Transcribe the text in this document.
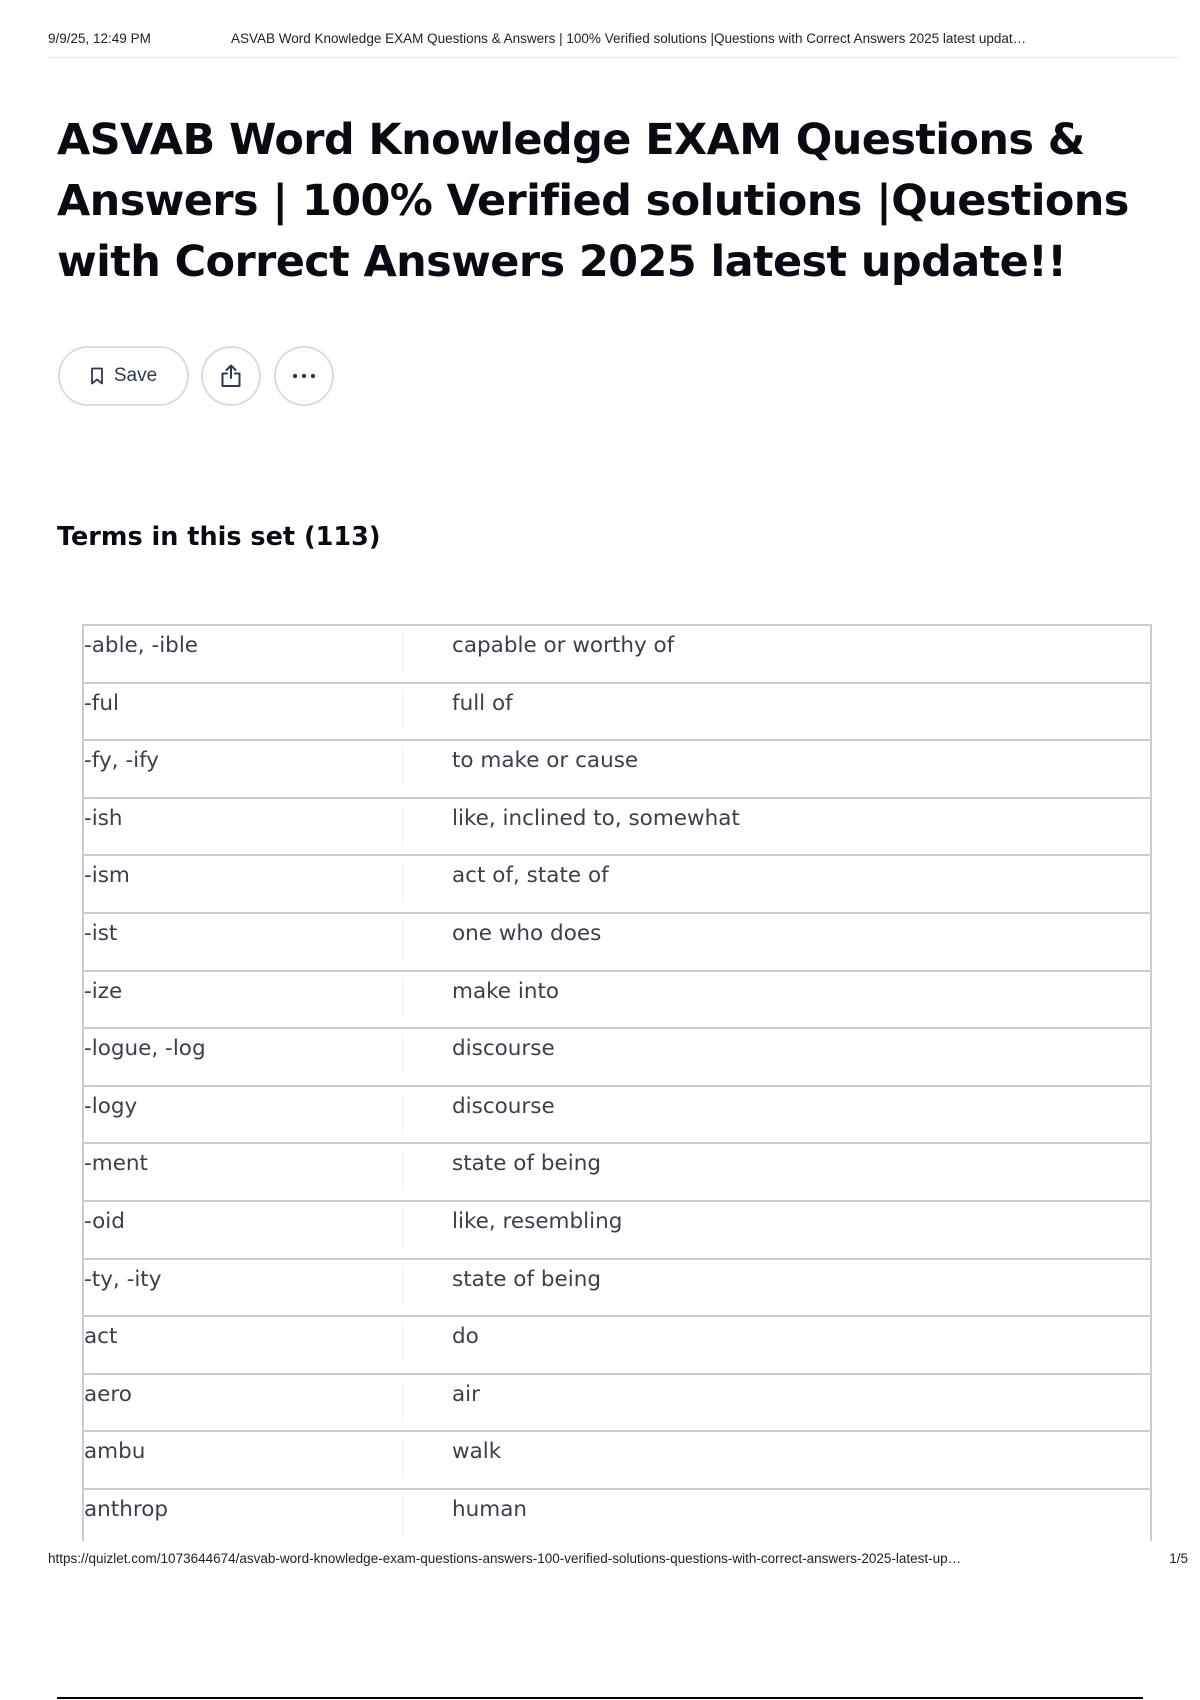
9/9/25, 12:49 PM	ASVAB Word Knowledge EXAM Questions & Answers | 100% Verified solutions |Questions with Correct Answers 2025 latest updat…
ASVAB Word Knowledge EXAM Questions & Answers | 100% Verified solutions |Questions with Correct Answers 2025 latest update!!
Save
Terms in this set (113)
-able, -ible	capable or worthy of
-ful	full of
-fy, -ify	to make or cause
-ish	like, inclined to, somewhat
-ism	act of, state of
-ist	one who does
-ize	make into
-logue, -log	discourse
-logy	discourse
-ment	state of being
-oid	like, resembling
-ty, -ity	state of being
act	do
aero	air
ambu	walk
anthrop	human
https://quizlet.com/1073644674/asvab-word-knowledge-exam-questions-answers-100-verified-solutions-questions-with-correct-answers-2025-latest-up…	1/5
